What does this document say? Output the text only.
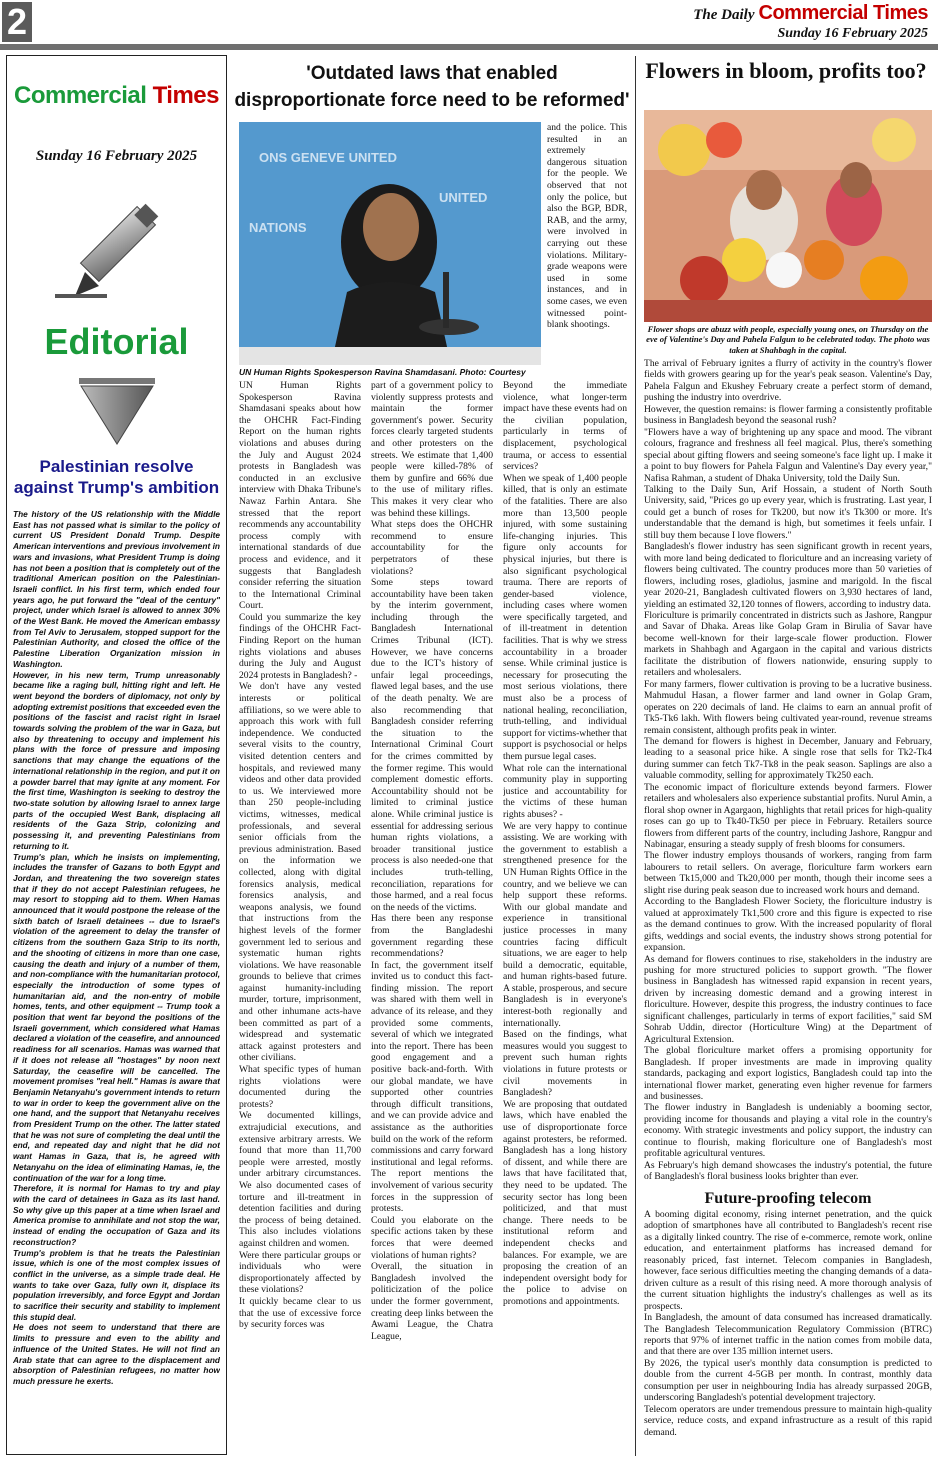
2	The Daily Commercial Times
Sunday 16 February 2025
Commercial Times
Sunday 16 February 2025
Editorial
Palestinian resolve against Trump's ambition

The history of the US relationship with the Middle East has not passed what is similar to the policy of current US President Donald Trump. Despite American interventions and previous involvement in wars and invasions, what President Trump is doing has not been a position that is completely out of the traditional American position on the Palestinian-Israeli conflict. In his first term, which ended four years ago, he put forward the "deal of the century" project, under which Israel is allowed to annex 30% of the West Bank. He moved the American embassy from Tel Aviv to Jerusalem, stopped support for the Palestinian Authority, and closed the office of the Palestine Liberation Organization mission in Washington.

However, in his new term, Trump unreasonably became like a raging bull, hitting right and left. He went beyond the borders of diplomacy, not only by adopting extremist positions that exceeded even the positions of the fascist and racist right in Israel towards solving the problem of the war in Gaza, but also by threatening to occupy and implement his plans with the force of pressure and imposing sanctions that may change the equations of the international relationship in the region, and put it on a powder barrel that may ignite at any moment. For the first time, Washington is seeking to destroy the two-state solution by allowing Israel to annex large parts of the occupied West Bank, displacing all residents of the Gaza Strip, colonizing and possessing it, and preventing Palestinians from returning to it.

Trump's plan, which he insists on implementing, includes the transfer of Gazans to both Egypt and Jordan, and threatening the two sovereign states that if they do not accept Palestinian refugees, he may resort to stopping aid to them. When Hamas announced that it would postpone the release of the sixth batch of Israeli detainees -- due to Israel's violation of the agreement to delay the transfer of citizens from the southern Gaza Strip to its north, and the shooting of citizens in more than one case, causing the death and injury of a number of them, and non-compliance with the humanitarian protocol, especially the introduction of some types of humanitarian aid, and the non-entry of mobile homes, tents, and other equipment -- Trump took a position that went far beyond the positions of the Israeli government, which considered what Hamas declared a violation of the ceasefire, and announced readiness for all scenarios. Hamas was warned that if it does not release all "hostages" by noon next Saturday, the ceasefire will be cancelled. The movement promises "real hell." Hamas is aware that Benjamin Netanyahu's government intends to return to war in order to keep the government alive on the one hand, and the support that Netanyahu receives from President Trump on the other. The latter stated that he was not sure of completing the deal until the end, and repeated day and night that he did not want Hamas in Gaza, that is, he agreed with Netanyahu on the idea of eliminating Hamas, ie, the continuation of the war for a long time.

Therefore, it is normal for Hamas to try and play with the card of detainees in Gaza as its last hand. So why give up this paper at a time when Israel and America promise to annihilate and not stop the war, instead of ending the occupation of Gaza and its reconstruction?

Trump's problem is that he treats the Palestinian issue, which is one of the most complex issues of conflict in the universe, as a simple trade deal. He wants to take over Gaza, fully own it, displace its population irreversibly, and force Egypt and Jordan to sacrifice their security and stability to implement this stupid deal.

He does not seem to understand that there are limits to pressure and even to the ability and influence of the United States. He will not find an Arab state that can agree to the displacement and absorption of Palestinian refugees, no matter how much pressure he exerts.

'Outdated laws that enabled disproportionate force need to be reformed'
ONS GENEVE UNITED
UNITED
NATIONS
UN Human Rights Spokesperson Ravina Shamdasani. Photo: Courtesy

and the police. This resulted in an extremely dangerous situation for the people. We observed that not only the police, but also the BGP, BDR, RAB, and the army, were involved in carrying out these violations. Military-grade weapons were used in some instances, and in some cases, we even witnessed point-blank shootings.

UN Human Rights Spokesperson Ravina Shamdasani speaks about how the OHCHR Fact-Finding Report on the human rights violations and abuses during the July and August 2024 protests in Bangladesh was conducted in an exclusive interview with Dhaka Tribune's Nawaz Farhin Antara. She stressed that the report recommends any accountability process comply with international standards of due process and evidence, and it suggests that Bangladesh consider referring the situation to the International Criminal Court.

Could you summarize the key findings of the OHCHR Fact-Finding Report on the human rights violations and abuses during the July and August 2024 protests in Bangladesh? -

We don't have any vested interests or political affiliations, so we were able to approach this work with full independence. We conducted several visits to the country, visited detention centers and hospitals, and reviewed many videos and other data provided to us. We interviewed more than 250 people-including victims, witnesses, medical professionals, and several senior officials from the previous administration. Based on the information we collected, along with digital forensics analysis, medical forensics analysis, and weapons analysis, we found that instructions from the highest levels of the former government led to serious and systematic human rights violations. We have reasonable grounds to believe that crimes against humanity-including murder, torture, imprisonment, and other inhumane acts-have been committed as part of a widespread and systematic attack against protesters and other civilians.

What specific types of human rights violations were documented during the protests?

We documented killings, extrajudicial executions, and extensive arbitrary arrests. We found that more than 11,700 people were arrested, mostly under arbitrary circumstances. We also documented cases of torture and ill-treatment in detention facilities and during the process of being detained. This also includes violations against children and women.

Were there particular groups or individuals who were disproportionately affected by these violations?

It quickly became clear to us that the use of excessive force by security forces was

part of a government policy to violently suppress protests and maintain the former government's power. Security forces clearly targeted students and other protesters on the streets. We estimate that 1,400 people were killed-78% of them by gunfire and 66% due to the use of military rifles. This makes it very clear who was behind these killings.

What steps does the OHCHR recommend to ensure accountability for the perpetrators of these violations?

Some steps toward accountability have been taken by the interim government, including through the Bangladesh International Crimes Tribunal (ICT). However, we have concerns due to the ICT's history of unfair legal proceedings, flawed legal bases, and the use of the death penalty. We are also recommending that Bangladesh consider referring the situation to the International Criminal Court for the crimes committed by the former regime. This would complement domestic efforts. Accountability should not be limited to criminal justice alone. While criminal justice is essential for addressing serious human rights violations, a broader transitional justice process is also needed-one that includes truth-telling, reconciliation, reparations for those harmed, and a real focus on the needs of the victims.

Has there been any response from the Bangladeshi government regarding these recommendations?

In fact, the government itself invited us to conduct this fact-finding mission. The report was shared with them well in advance of its release, and they provided some comments, several of which we integrated into the report. There has been good engagement and a positive back-and-forth. With our global mandate, we have supported other countries through difficult transitions, and we can provide advice and assistance as the authorities build on the work of the reform commissions and carry forward institutional and legal reforms. The report mentions the involvement of various security forces in the suppression of protests.

Could you elaborate on the specific actions taken by these forces that were deemed violations of human rights?

Overall, the situation in Bangladesh involved the politicization of the police under the former government, creating deep links between the Awami League, the Chatra League,

Beyond the immediate violence, what longer-term impact have these events had on the civilian population, particularly in terms of displacement, psychological trauma, or access to essential services?

When we speak of 1,400 people killed, that is only an estimate of the fatalities. There are also more than 13,500 people injured, with some sustaining life-changing injuries. This figure only accounts for physical injuries, but there is also significant psychological trauma. There are reports of gender-based violence, including cases where women were specifically targeted, and of ill-treatment in detention facilities. That is why we stress accountability in a broader sense. While criminal justice is necessary for prosecuting the most serious violations, there must also be a process of national healing, reconciliation, truth-telling, and individual support for victims-whether that support is psychosocial or helps them pursue legal cases.

What role can the international community play in supporting justice and accountability for the victims of these human rights abuses? -

We are very happy to continue assisting. We are working with the government to establish a strengthened presence for the UN Human Rights Office in the country, and we believe we can help support these reforms. With our global mandate and experience in transitional justice processes in many countries facing difficult situations, we are eager to help build a democratic, equitable, and human rights-based future. A stable, prosperous, and secure Bangladesh is in everyone's interest-both regionally and internationally.

Based on the findings, what measures would you suggest to prevent such human rights violations in future protests or civil movements in Bangladesh?

We are proposing that outdated laws, which have enabled the use of disproportionate force against protesters, be reformed. Bangladesh has a long history of dissent, and while there are laws that have facilitated that, they need to be updated. The security sector has long been politicized, and that must change. There needs to be institutional reform and independent checks and balances. For example, we are proposing the creation of an independent oversight body for the police to advise on promotions and appointments.

Flowers in bloom, profits too?
Flower shops are abuzz with people, especially young ones, on Thursday on the eve of Valentine's Day and Pahela Falgun to be celebrated today. The photo was taken at Shahbagh in the capital.

The arrival of February ignites a flurry of activity in the country's flower fields with growers gearing up for the year's peak season. Valentine's Day, Pahela Falgun and Ekushey February create a perfect storm of demand, pushing the industry into overdrive.

However, the question remains: is flower farming a consistently profitable business in Bangladesh beyond the seasonal rush?

"Flowers have a way of brightening up any space and mood. The vibrant colours, fragrance and freshness all feel magical. Plus, there's something special about gifting flowers and seeing someone's face light up. I make it a point to buy flowers for Pahela Falgun and Valentine's Day every year," Nafisa Rahman, a student of Dhaka University, told the Daily Sun.

Talking to the Daily Sun, Arif Hossain, a student of North South University, said, "Prices go up every year, which is frustrating. Last year, I could get a bunch of roses for Tk200, but now it's Tk300 or more. It's understandable that the demand is high, but sometimes it feels unfair. I still buy them because I love flowers."

Bangladesh's flower industry has seen significant growth in recent years, with more land being dedicated to floriculture and an increasing variety of flowers being cultivated. The country produces more than 50 varieties of flowers, including roses, gladiolus, jasmine and marigold. In the fiscal year 2020-21, Bangladesh cultivated flowers on 3,930 hectares of land, yielding an estimated 32,120 tonnes of flowers, according to industry data.

Floriculture is primarily concentrated in districts such as Jashore, Rangpur and Savar of Dhaka. Areas like Golap Gram in Birulia of Savar have become well-known for their large-scale flower production. Flower markets in Shahbagh and Agargaon in the capital and various districts facilitate the distribution of flowers nationwide, ensuring supply to retailers and wholesalers.

For many farmers, flower cultivation is proving to be a lucrative business. Mahmudul Hasan, a flower farmer and land owner in Golap Gram, operates on 220 decimals of land. He claims to earn an annual profit of Tk5-Tk6 lakh. With flowers being cultivated year-round, revenue streams remain consistent, although profits peak in winter.

The demand for flowers is highest in December, January and February, leading to a seasonal price hike. A single rose that sells for Tk2-Tk4 during summer can fetch Tk7-Tk8 in the peak season. Saplings are also a valuable commodity, selling for approximately Tk250 each.

The economic impact of floriculture extends beyond farmers. Flower retailers and wholesalers also experience substantial profits. Nurul Amin, a floral shop owner in Agargaon, highlights that retail prices for high-quality roses can go up to Tk40-Tk50 per piece in February. Retailers source flowers from different parts of the country, including Jashore, Rangpur and Nabinagar, ensuring a steady supply of fresh blooms for consumers.

The flower industry employs thousands of workers, ranging from farm labourers to retail sellers. On average, floriculture farm workers earn between Tk15,000 and Tk20,000 per month, though their income sees a slight rise during peak season due to increased work hours and demand.

According to the Bangladesh Flower Society, the floriculture industry is valued at approximately Tk1,500 crore and this figure is expected to rise as the demand continues to grow. With the increased popularity of floral gifts, weddings and social events, the industry shows strong potential for expansion.

As demand for flowers continues to rise, stakeholders in the industry are pushing for more structured policies to support growth. "The flower business in Bangladesh has witnessed rapid expansion in recent years, driven by increasing domestic demand and a growing interest in floriculture. However, despite this progress, the industry continues to face significant challenges, particularly in terms of export facilities," said SM Sohrab Uddin, director (Horticulture Wing) at the Department of Agricultural Extension.

The global floriculture market offers a promising opportunity for Bangladesh. If proper investments are made in improving quality standards, packaging and export logistics, Bangladesh could tap into the international flower market, generating even higher revenue for farmers and businesses.

The flower industry in Bangladesh is undeniably a booming sector, providing income for thousands and playing a vital role in the country's economy. With strategic investments and policy support, the industry can continue to flourish, making floriculture one of Bangladesh's most profitable agricultural ventures.

As February's high demand showcases the industry's potential, the future of Bangladesh's floral business looks brighter than ever.

Future-proofing telecom

A booming digital economy, rising internet penetration, and the quick adoption of smartphones have all contributed to Bangladesh's recent rise as a digitally linked country. The rise of e-commerce, remote work, online education, and entertainment platforms has increased demand for reasonably priced, fast internet. Telecom companies in Bangladesh, however, face serious difficulties meeting the changing demands of a data-driven culture as a result of this rising need. A more thorough analysis of the current situation highlights the industry's challenges as well as its prospects.

In Bangladesh, the amount of data consumed has increased dramatically. The Bangladesh Telecommunication Regulatory Commission (BTRC) reports that 97% of internet traffic in the nation comes from mobile data, and that there are over 135 million internet users.

By 2026, the typical user's monthly data consumption is predicted to double from the current 4-5GB per month. In contrast, monthly data consumption per user in neighbouring India has already surpassed 20GB, underscoring Bangladesh's potential development trajectory.

Telecom operators are under tremendous pressure to maintain high-quality service, reduce costs, and expand infrastructure as a result of this rapid demand.
